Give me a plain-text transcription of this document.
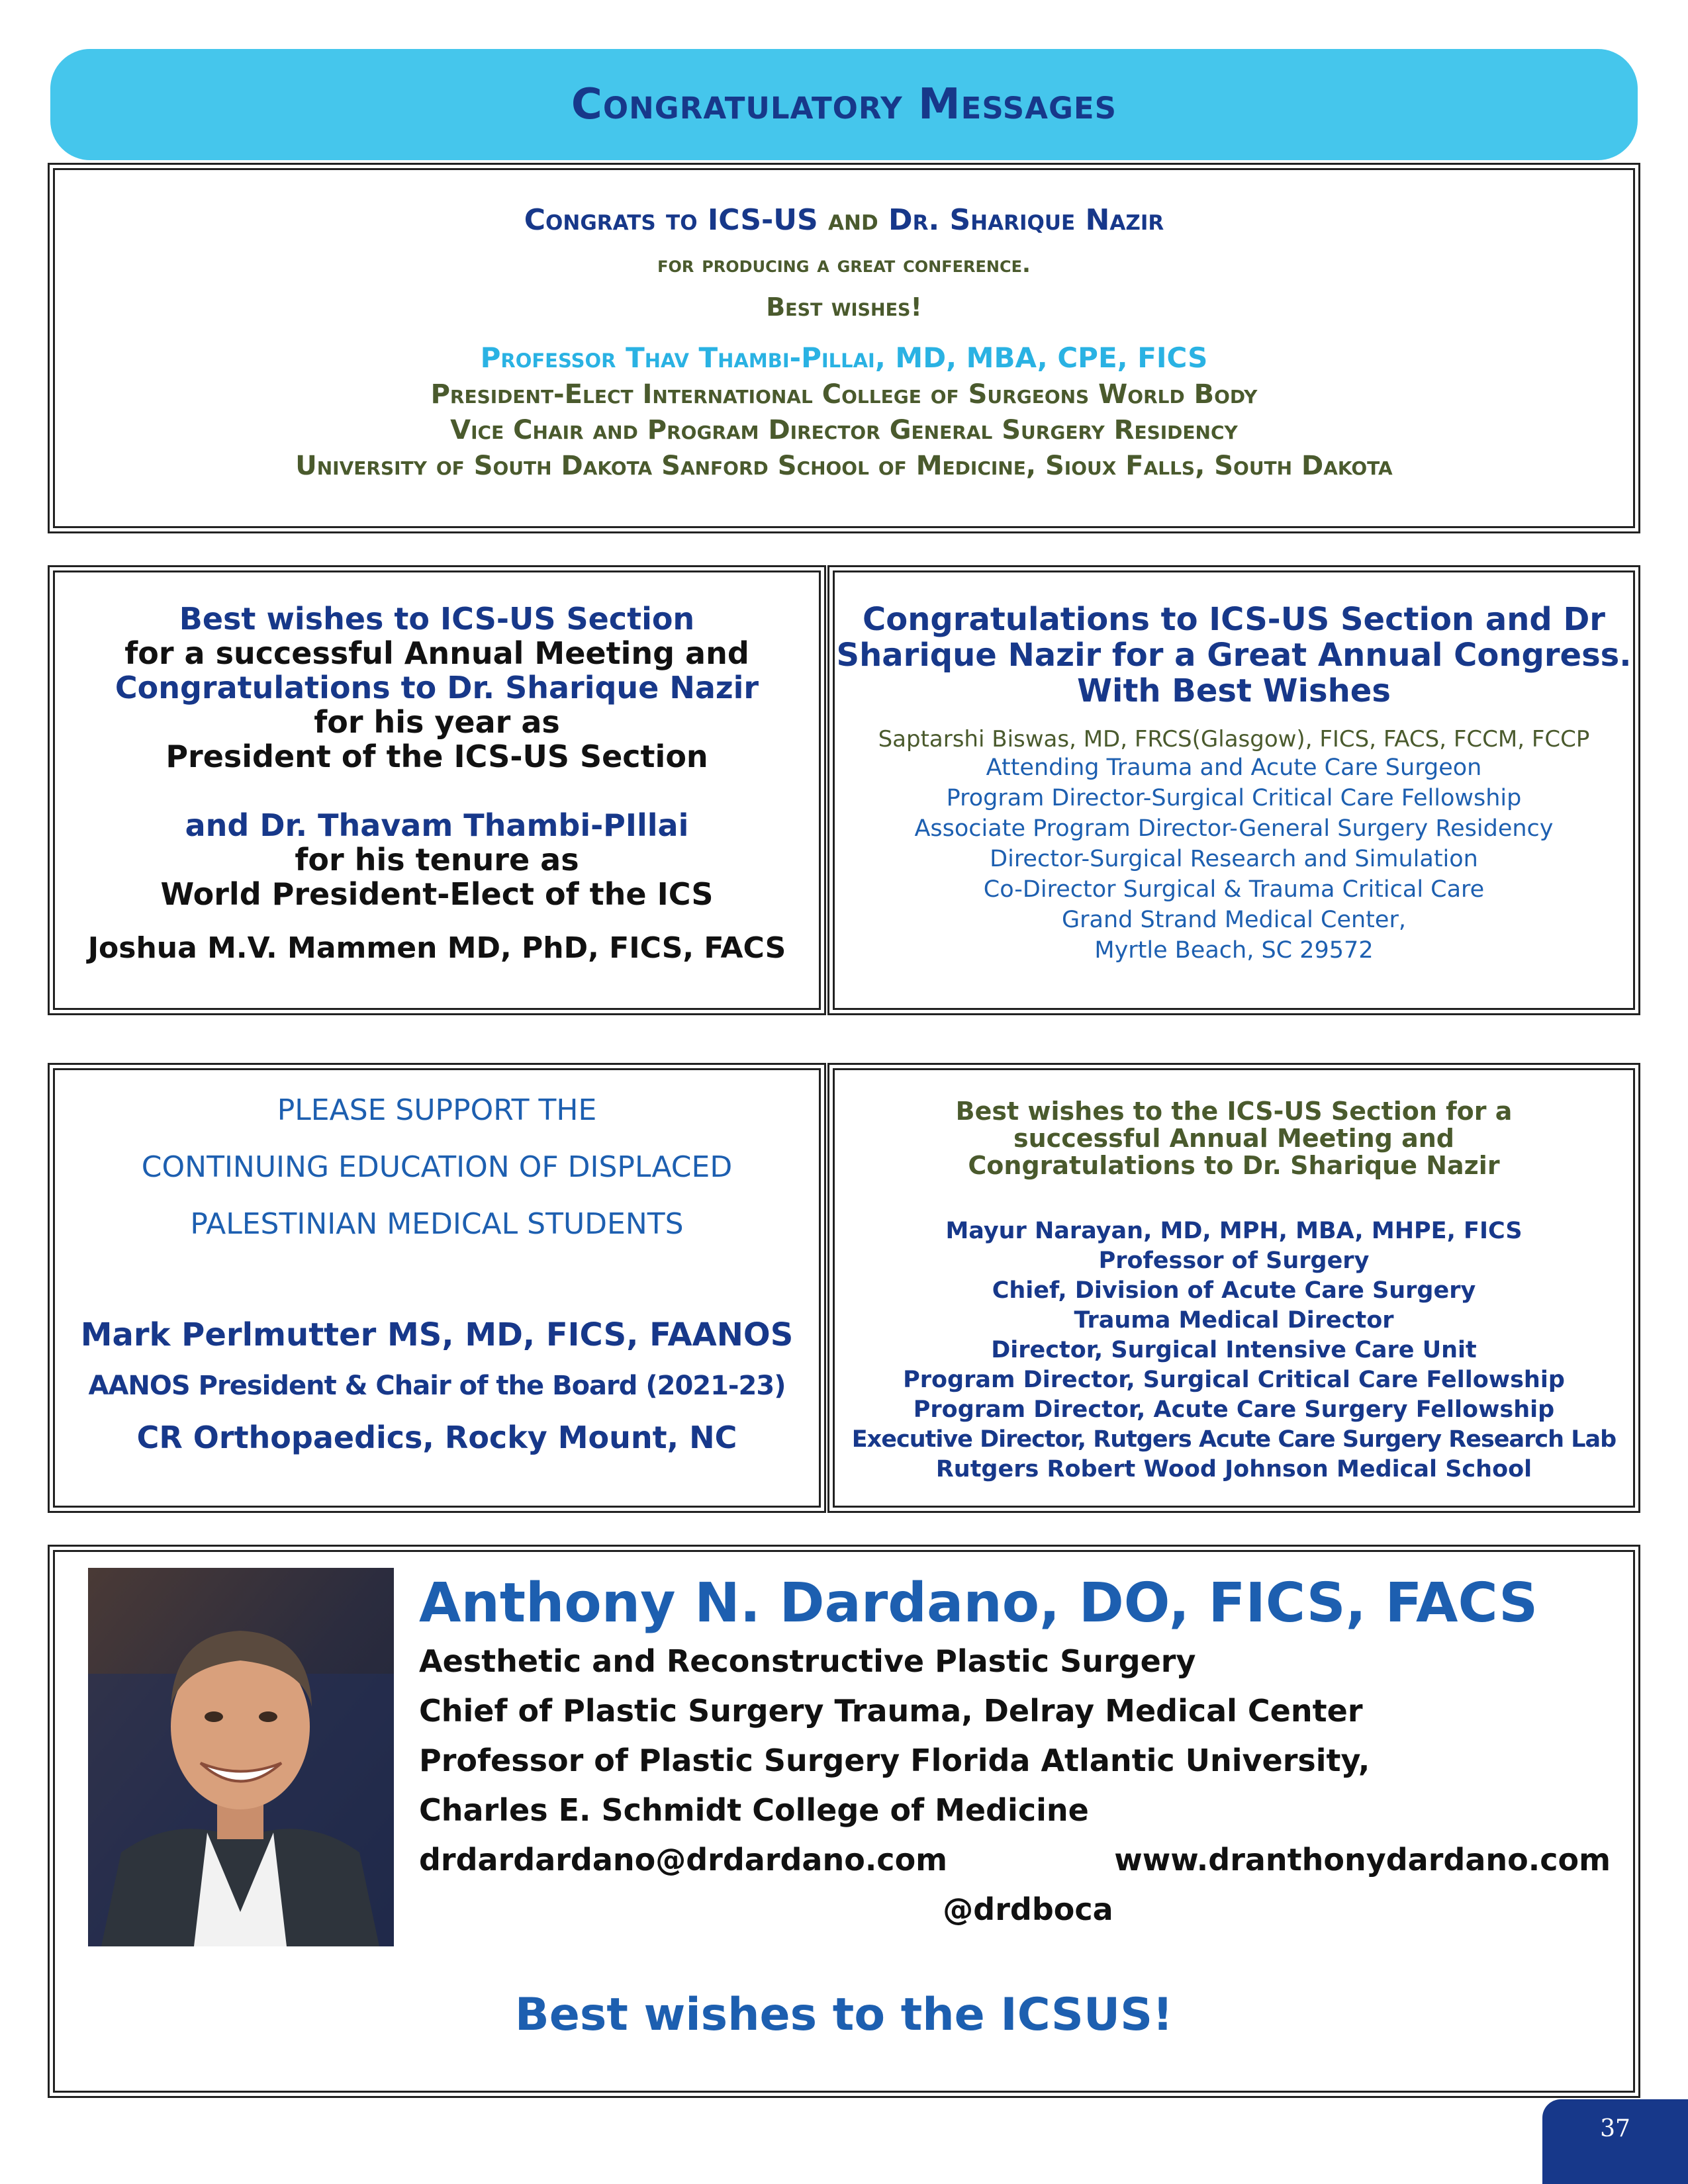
Congratulatory Messages
Congrats to ICS-US and Dr. Sharique Nazir
for producing a great conference.
Best wishes!
Professor Thav Thambi-Pillai, MD, MBA, CPE, FICS
President-Elect International College of Surgeons World Body
Vice Chair and Program Director General Surgery Residency
University of South Dakota Sanford School of Medicine, Sioux Falls, South Dakota
Best wishes to ICS-US Section
for a successful Annual Meeting and
Congratulations to Dr. Sharique Nazir
for his year as
President of the ICS-US Section
and Dr. Thavam Thambi-PIllai
for his tenure as
World President-Elect of the ICS
Joshua M.V. Mammen MD, PhD, FICS, FACS
Congratulations to ICS-US Section and Dr
Sharique Nazir for a Great Annual Congress.
With Best Wishes
Saptarshi Biswas, MD, FRCS(Glasgow), FICS, FACS, FCCM, FCCP
Attending Trauma and Acute Care Surgeon
Program Director-Surgical Critical Care Fellowship
Associate Program Director-General Surgery Residency
Director-Surgical Research and Simulation
Co-Director Surgical & Trauma Critical Care
Grand Strand Medical Center,
Myrtle Beach, SC 29572
PLEASE SUPPORT THE
CONTINUING EDUCATION OF DISPLACED
PALESTINIAN MEDICAL STUDENTS
Mark Perlmutter MS, MD, FICS, FAANOS
AANOS President & Chair of the Board (2021-23)
CR Orthopaedics, Rocky Mount, NC
Best wishes to the ICS-US Section for a
successful Annual Meeting and
Congratulations to Dr. Sharique Nazir
Mayur Narayan, MD, MPH, MBA, MHPE, FICS
Professor of Surgery
Chief, Division of Acute Care Surgery
Trauma Medical Director
Director, Surgical Intensive Care Unit
Program Director, Surgical Critical Care Fellowship
Program Director, Acute Care Surgery Fellowship
Executive Director, Rutgers Acute Care Surgery Research Lab
Rutgers Robert Wood Johnson Medical School
Anthony N. Dardano, DO, FICS, FACS
Aesthetic and Reconstructive Plastic Surgery
Chief of Plastic Surgery Trauma, Delray Medical Center
Professor of Plastic Surgery Florida Atlantic University,
Charles E. Schmidt College of Medicine
drdardardano@drdardano.com	www.dranthonydardano.com
@drdboca
Best wishes to the ICSUS!
37
